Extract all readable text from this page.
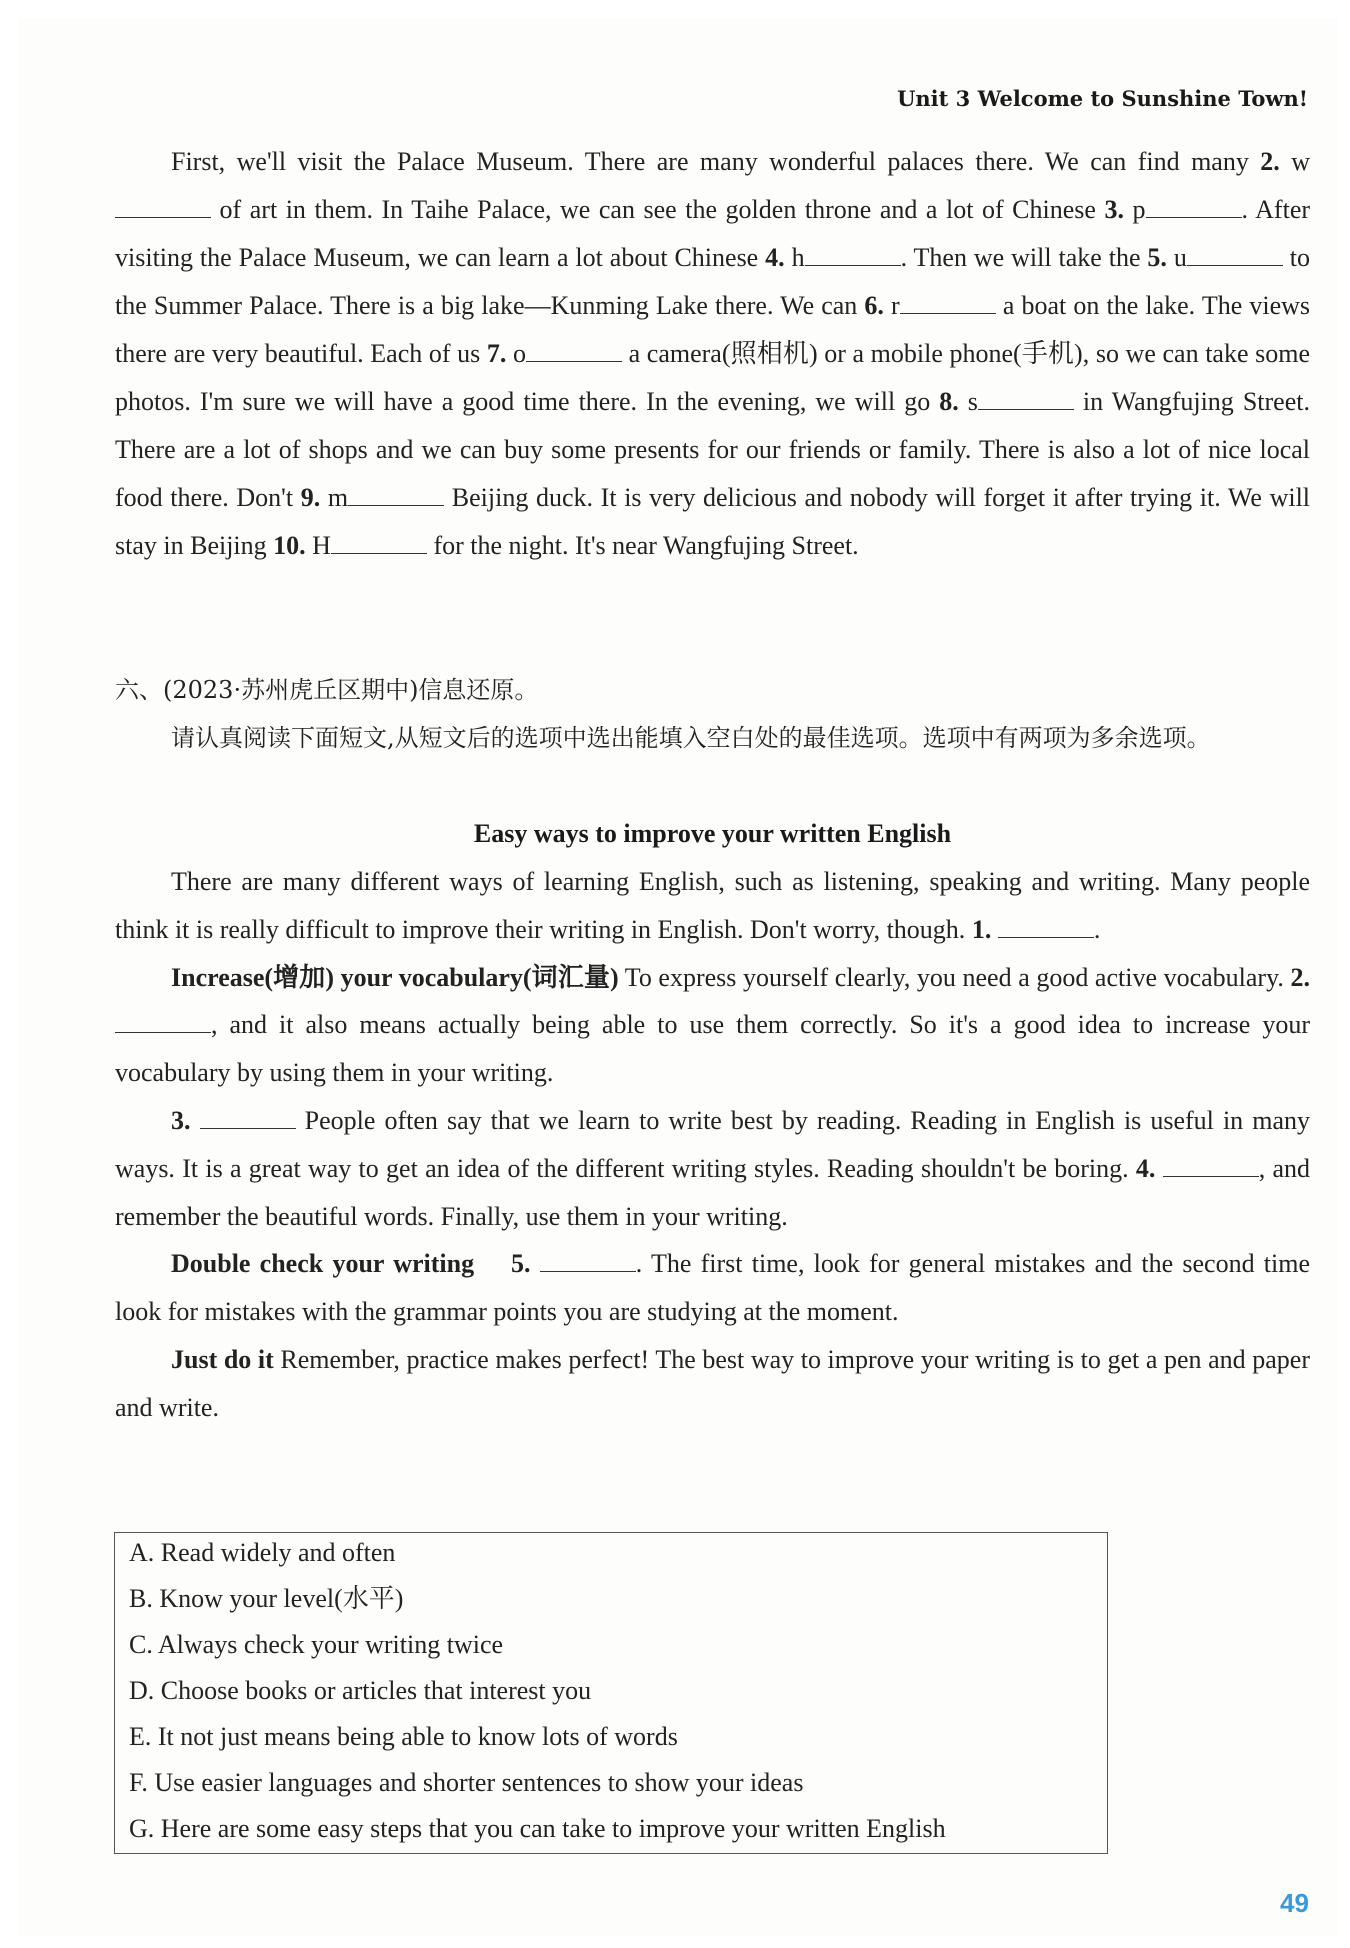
Unit 3 Welcome to Sunshine Town!
First, we'll visit the Palace Museum. There are many wonderful palaces there. We can find many 2. w of art in them. In Taihe Palace, we can see the golden throne and a lot of Chinese 3. p	. After visiting the Palace Museum, we can learn a lot about Chinese 4. h	. Then we will take the 5. u	to the Summer Palace. There is a big lake—Kunming Lake there. We can 6. r	a boat on the lake. The views there are very beautiful. Each of us 7. o	a camera(照相机) or a mobile phone(手机), so we can take some photos. I'm sure we will have a good time there. In the evening, we will go 8. s	in Wangfujing Street. There are a lot of shops and we can buy some presents for our friends or family. There is also a lot of nice local food there. Don't 9. m	Beijing duck. It is very delicious and nobody will forget it after trying it. We will stay in Beijing 10. H	for the night. It's near Wangfujing Street.
六、(2023·苏州虎丘区期中)信息还原。
请认真阅读下面短文,从短文后的选项中选出能填入空白处的最佳选项。选项中有两项为多余选项。
Easy ways to improve your written English

There are many different ways of learning English, such as listening, speaking and writing. Many people think it is really difficult to improve their writing in English. Don't worry, though. 1.	.

Increase(增加) your vocabulary(词汇量) To express yourself clearly, you need a good active vocabulary. 2. , and it also means actually being able to use them correctly. So it's a good idea to increase your vocabulary by using them in your writing.

3.	People often say that we learn to write best by reading. Reading in English is useful in many ways. It is a great way to get an idea of the different writing styles. Reading shouldn't be boring. 4.	, and remember the beautiful words. Finally, use them in your writing.

Double check your writing 5.	. The first time, look for general mistakes and the second time look for mistakes with the grammar points you are studying at the moment.

Just do it Remember, practice makes perfect! The best way to improve your writing is to get a pen and paper and write.

A. Read widely and often
B. Know your level(水平)
C. Always check your writing twice
D. Choose books or articles that interest you
E. It not just means being able to know lots of words
F. Use easier languages and shorter sentences to show your ideas
G. Here are some easy steps that you can take to improve your written English
49
